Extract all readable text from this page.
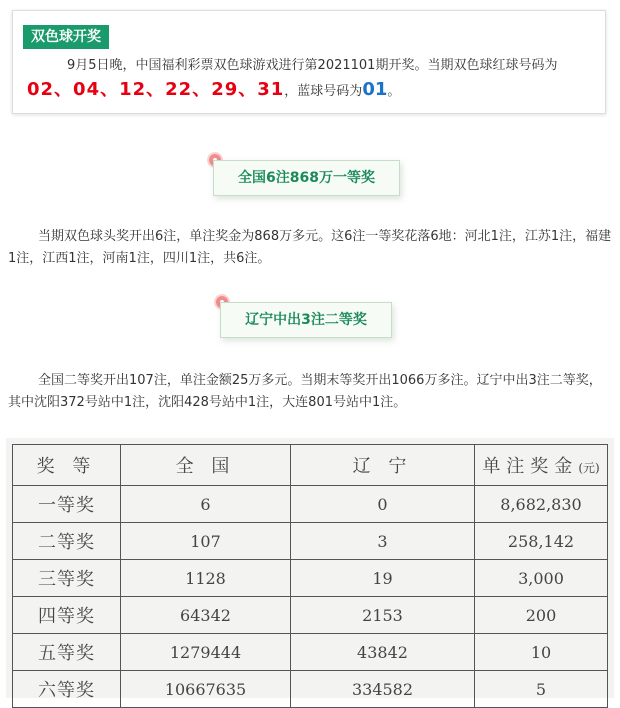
双色球开奖
9月5日晚，中国福利彩票双色球游戏进行第2021101期开奖。当期双色球红球号码为
02、04、12、22、29、31，蓝球号码为01。
全国6注868万一等奖
当期双色球头奖开出6注，单注奖金为868万多元。这6注一等奖花落6地：河北1注，江苏1注，福建1注，江西1注，河南1注，四川1注，共6注。
辽宁中出3注二等奖
全国二等奖开出107注，单注金额25万多元。当期末等奖开出1066万多注。辽宁中出3注二等奖，其中沈阳372号站中1注，沈阳428号站中1注，大连801号站中1注。
奖 等	全 国	辽 宁	单注奖金(元)
一等奖	6	0	8,682,830
二等奖	107	3	258,142
三等奖	1128	19	3,000
四等奖	64342	2153	200
五等奖	1279444	43842	10
六等奖	10667635	334582	5
